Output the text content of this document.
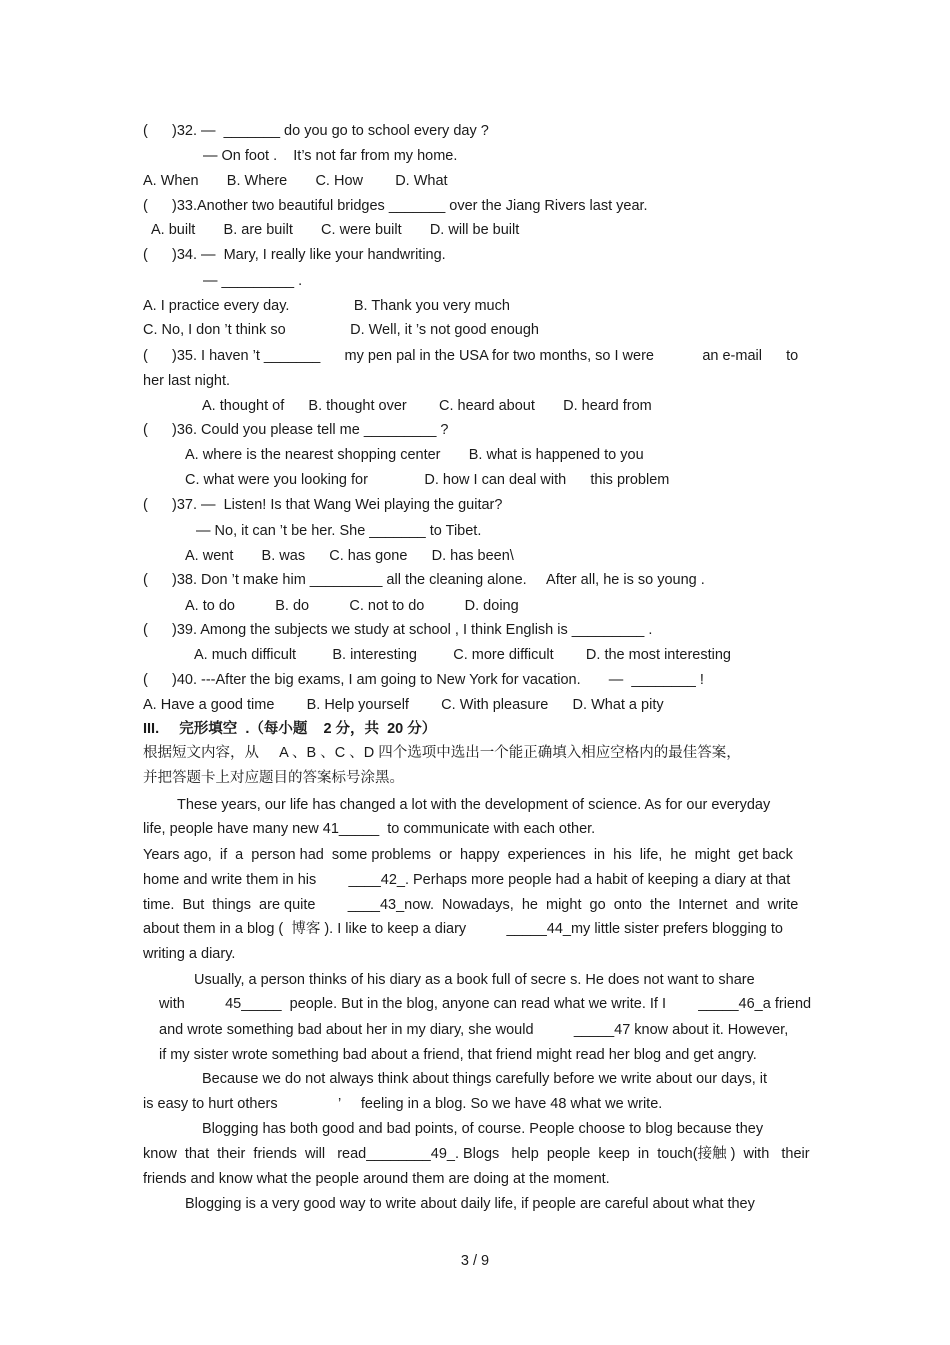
(      )32. —  _______ do you go to school every day ?
— On foot .    It’s not far from my home.
A. When       B. Where       C. How        D. What
(      )33.Another two beautiful bridges _______ over the Jiang Rivers last year.
A. built       B. are built       C. were built       D. will be built
(      )34. —  Mary, I really like your handwriting.
— _________ .
A. I practice every day.                B. Thank you very much
C. No, I don ’t think so                D. Well, it ’s not good enough
(      )35. I haven ’t _______      my pen pal in the USA for two months, so I were            an e-mail      to
her last night.
A. thought of      B. thought over        C. heard about       D. heard from
(      )36. Could you please tell me _________ ?
A. where is the nearest shopping center       B. what is happened to you
C. what were you looking for              D. how I can deal with      this problem
(      )37. —  Listen! Is that Wang Wei playing the guitar?
— No, it can ’t be her. She _______ to Tibet.
A. went       B. was      C. has gone      D. has been\
(      )38. Don ’t make him _________ all the cleaning alone.     After all, he is so young .
A. to do          B. do          C. not to do          D. doing
(      )39. Among the subjects we study at school , I think English is _________ .
A. much difficult         B. interesting         C. more difficult        D. the most interesting
(      )40. ---After the big exams, I am going to New York for vacation.       —  ________ !
A. Have a good time        B. Help yourself        C. With pleasure      D. What a pity
根据短文内容，从     A 、B 、C 、D 四个选项中选出一个能正确填入相应空格内的最佳答案，
并把答题卡上对应题目的答案标号涂黑。
These years, our life has changed a lot with the development of science. As for our everyday
life, people have many new 41_____  to communicate with each other.
Years ago,  if  a  person had  some problems  or  happy  experiences  in  his  life,  he  might  get back
home and write them in his        ____42_. Perhaps more people had a habit of keeping a diary at that
time.  But  things  are quite        ____43_now.  Nowadays,  he  might  go  onto  the  Internet  and  write
about them in a blog (  博客 ). I like to keep a diary          _____44_my little sister prefers blogging to
writing a diary.
Usually, a person thinks of his diary as a book full of secre s. He does not want to share
with          45_____  people. But in the blog, anyone can read what we write. If I        _____46_a friend
and wrote something bad about her in my diary, she would          _____47 know about it. However,
if my sister wrote something bad about a friend, that friend might read her blog and get angry.
Because we do not always think about things carefully before we write about our days, it
is easy to hurt others               ’     feeling in a blog. So we have 48 what we write.
Blogging has both good and bad points, of course. People choose to blog because they
know  that  their  friends  will   read________49_. Blogs   help  people  keep  in  touch(接触 )  with   their
friends and know what the people around them are doing at the moment.
Blogging is a very good way to write about daily life, if people are careful about what they
III.     完形填空  .（每小题    2 分，共  20 分）
3 / 9
